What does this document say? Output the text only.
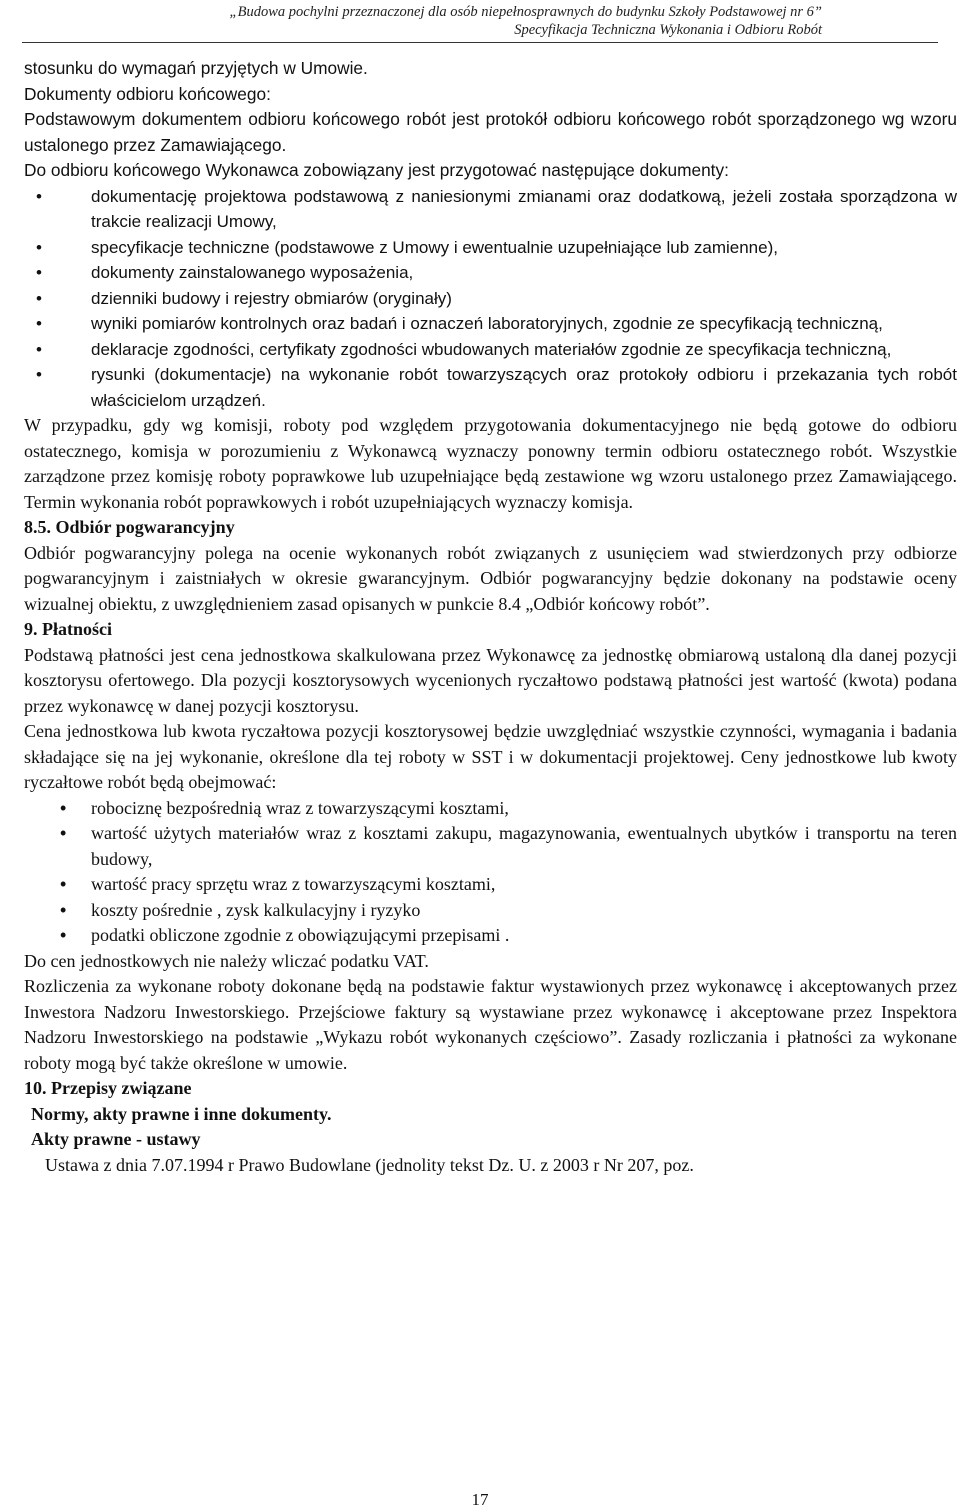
„Budowa pochylni przeznaczonej dla osób niepełnosprawnych do budynku Szkoły Podstawowej nr 6”
Specyfikacja Techniczna Wykonania i Odbioru Robót

stosunku do wymagań przyjętych w Umowie.

Dokumenty odbioru końcowego:

Podstawowym dokumentem odbioru końcowego robót jest protokół odbioru końcowego robót sporządzonego wg wzoru ustalonego przez Zamawiającego.

Do odbioru końcowego Wykonawca zobowiązany jest przygotować następujące dokumenty:

• dokumentację projektowa podstawową z naniesionymi zmianami oraz dodatkową, jeżeli została sporządzona w trakcie realizacji Umowy,
• specyfikacje techniczne (podstawowe z Umowy i ewentualnie uzupełniające lub zamienne),
• dokumenty zainstalowanego wyposażenia,
• dzienniki budowy i rejestry obmiarów (oryginały)
• wyniki pomiarów kontrolnych oraz badań i oznaczeń laboratoryjnych, zgodnie ze specyfikacją techniczną,
• deklaracje zgodności, certyfikaty zgodności wbudowanych materiałów zgodnie ze specyfikacja techniczną,
• rysunki (dokumentacje) na wykonanie robót towarzyszących oraz protokoły odbioru i przekazania tych robót właścicielom urządzeń.

W przypadku, gdy wg komisji, roboty pod względem przygotowania dokumentacyjnego nie będą gotowe do odbioru ostatecznego, komisja w porozumieniu z Wykonawcą wyznaczy ponowny termin odbioru ostatecznego robót. Wszystkie zarządzone przez komisję roboty poprawkowe lub uzupełniające będą zestawione wg wzoru ustalonego przez Zamawiającego. Termin wykonania robót poprawkowych i robót uzupełniających wyznaczy komisja.

8.5. Odbiór pogwarancyjny

Odbiór pogwarancyjny polega na ocenie wykonanych robót związanych z usunięciem wad stwierdzonych przy odbiorze pogwarancyjnym i zaistniałych w okresie gwarancyjnym. Odbiór pogwarancyjny będzie dokonany na podstawie oceny wizualnej obiektu, z uwzględnieniem zasad opisanych w punkcie 8.4 „Odbiór końcowy robót”.

9. Płatności

Podstawą płatności jest cena jednostkowa skalkulowana przez Wykonawcę za jednostkę obmiarową ustaloną dla danej pozycji kosztorysu ofertowego. Dla pozycji kosztorysowych wycenionych ryczałtowo podstawą płatności jest wartość (kwota) podana przez wykonawcę w danej pozycji kosztorysu.

Cena jednostkowa lub kwota ryczałtowa pozycji kosztorysowej będzie uwzględniać wszystkie czynności, wymagania i badania składające się na jej wykonanie, określone dla tej roboty w SST i w dokumentacji projektowej. Ceny jednostkowe lub kwoty ryczałtowe robót będą obejmować:

• robociznę bezpośrednią wraz z towarzyszącymi kosztami,
• wartość użytych materiałów wraz z kosztami zakupu, magazynowania, ewentualnych ubytków i transportu na teren budowy,
• wartość pracy sprzętu wraz z towarzyszącymi kosztami,
• koszty pośrednie , zysk kalkulacyjny i ryzyko
• podatki obliczone zgodnie z obowiązującymi przepisami .

Do cen jednostkowych nie należy wliczać podatku VAT.

Rozliczenia za wykonane roboty dokonane będą na podstawie faktur wystawionych przez wykonawcę i akceptowanych przez Inwestora Nadzoru Inwestorskiego. Przejściowe faktury są wystawiane przez wykonawcę i akceptowane przez Inspektora Nadzoru Inwestorskiego na podstawie „Wykazu robót wykonanych częściowo”. Zasady rozliczania i płatności za wykonane roboty mogą być także określone w umowie.

10. Przepisy związane

Normy, akty prawne i inne dokumenty.

Akty prawne - ustawy

Ustawa z dnia 7.07.1994 r Prawo Budowlane (jednolity tekst Dz. U. z 2003 r Nr 207, poz.

17
